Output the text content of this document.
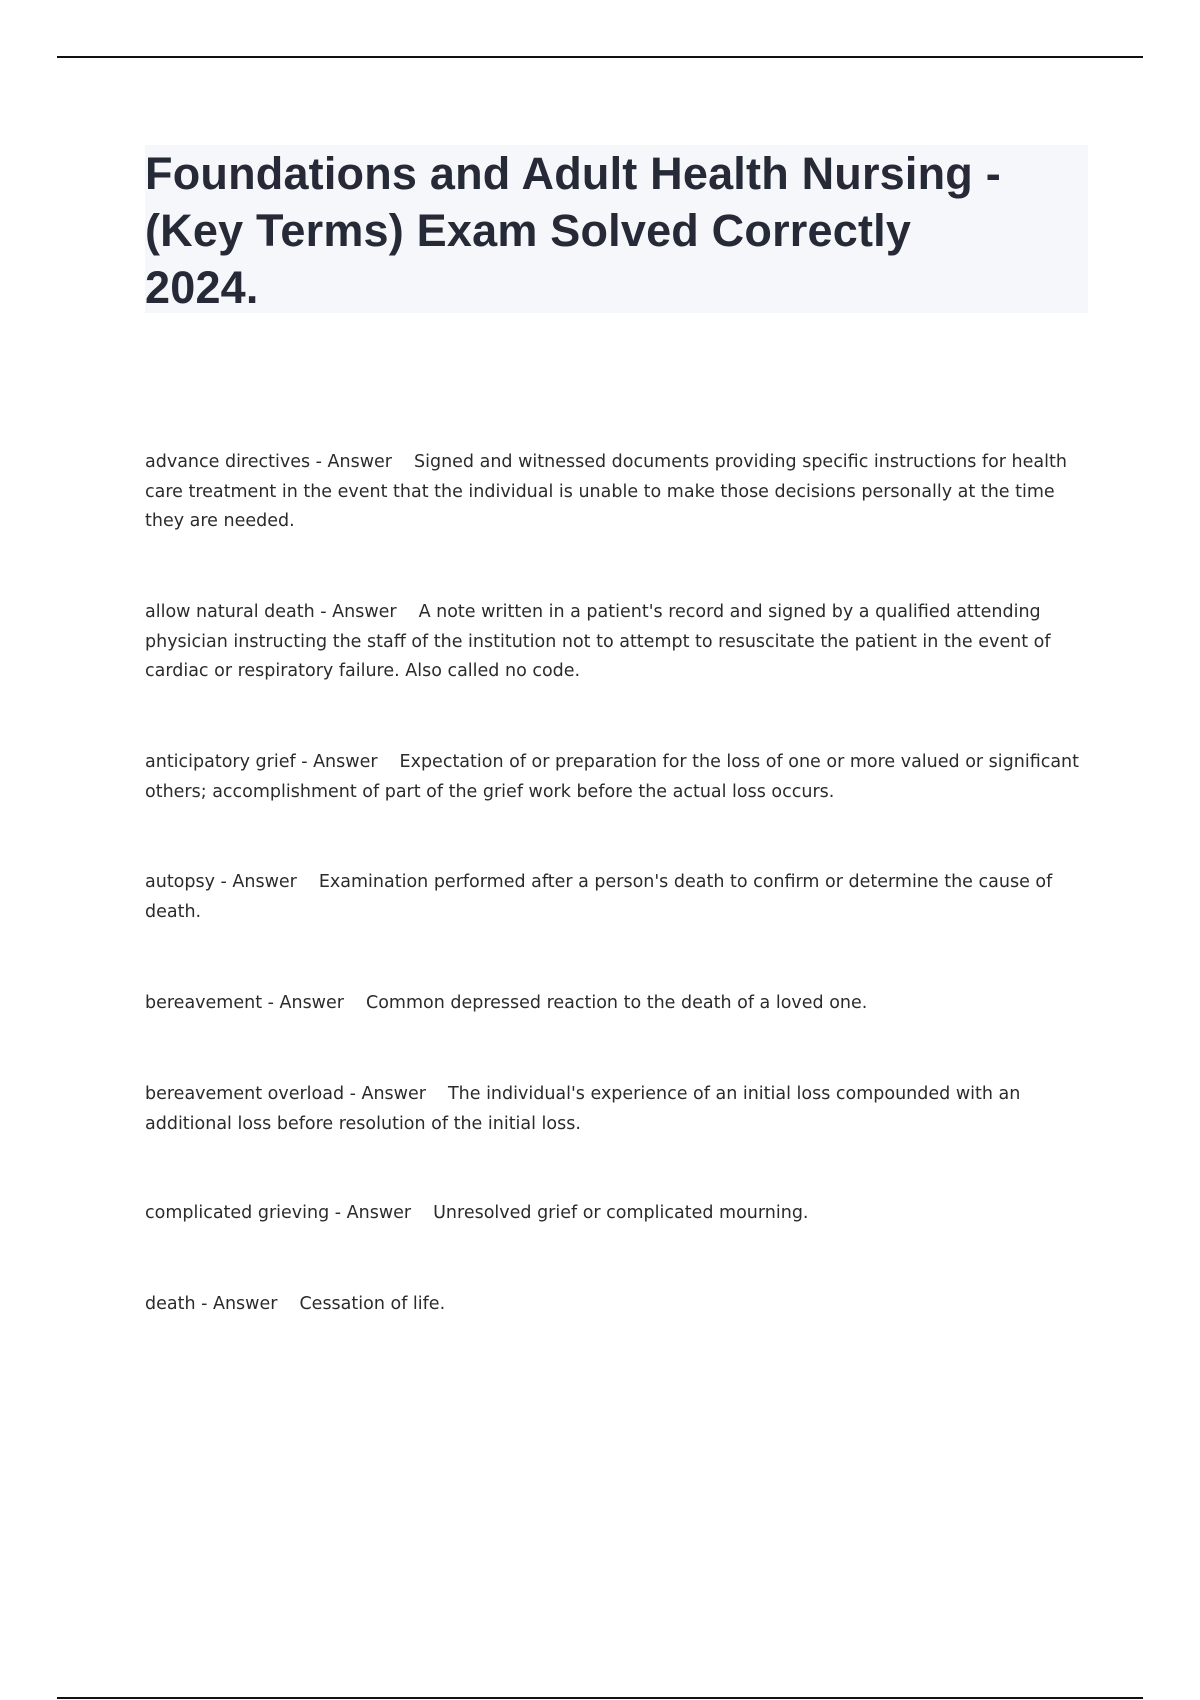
Foundations and Adult Health Nursing -
(Key Terms) Exam Solved Correctly
2024.

advance directives - Answer Signed and witnessed documents providing specific instructions for health care treatment in the event that the individual is unable to make those decisions personally at the time they are needed.

allow natural death - Answer A note written in a patient's record and signed by a qualified attending physician instructing the staff of the institution not to attempt to resuscitate the patient in the event of cardiac or respiratory failure. Also called no code.

anticipatory grief - Answer Expectation of or preparation for the loss of one or more valued or significant others; accomplishment of part of the grief work before the actual loss occurs.

autopsy - Answer Examination performed after a person's death to confirm or determine the cause of death.

bereavement - Answer Common depressed reaction to the death of a loved one.

bereavement overload - Answer The individual's experience of an initial loss compounded with an additional loss before resolution of the initial loss.

complicated grieving - Answer Unresolved grief or complicated mourning.

death - Answer Cessation of life.
